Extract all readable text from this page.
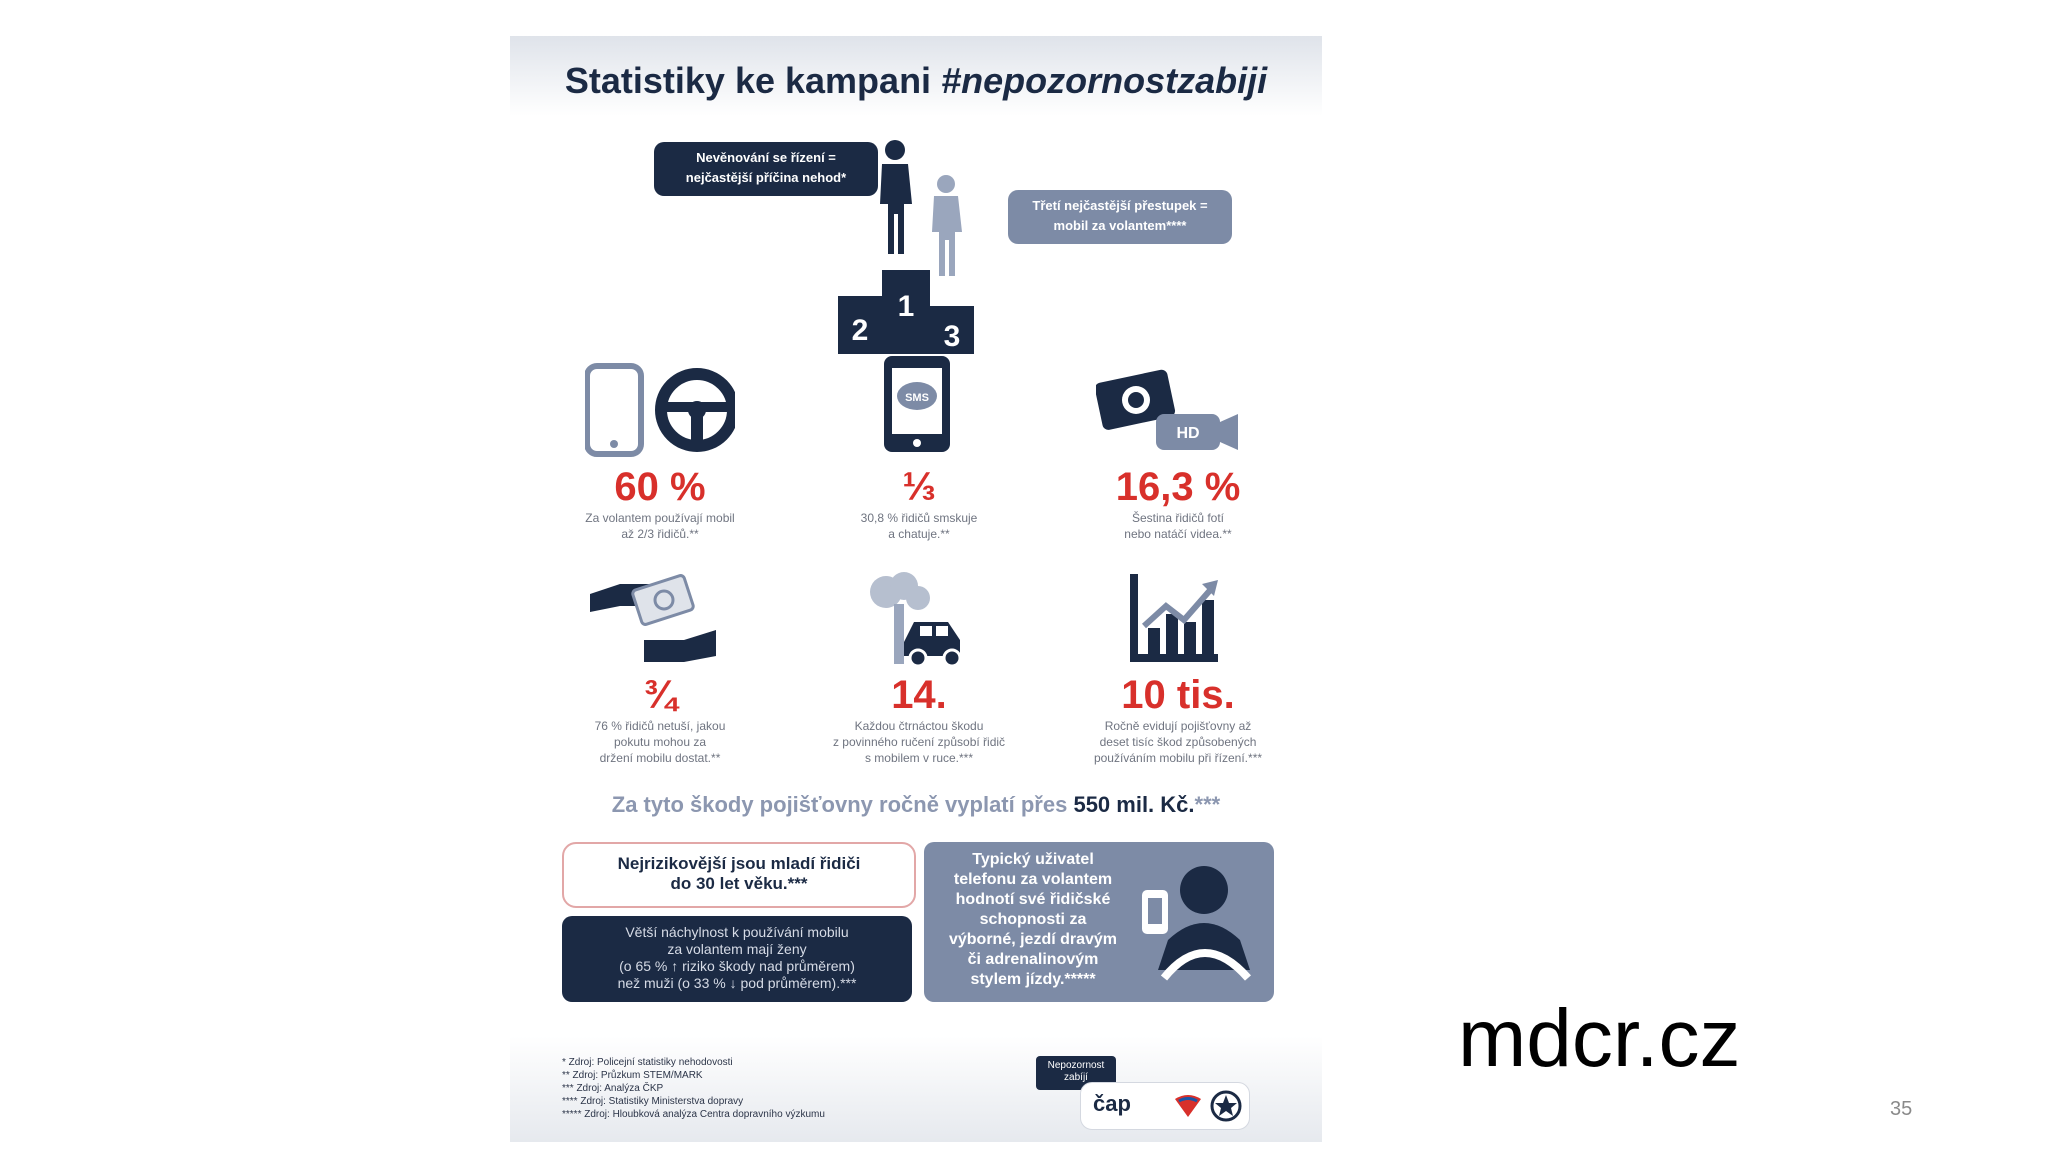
Statistiky ke kampani #nepozornostzabiji

Nevěnování se řízení =
nejčastější příčina nehod*

Třetí nejčastější přestupek =
mobil za volantem****

2
1
3
SMS
HD
60 %
Za volantem používají mobil
až 2/3 řidičů.**
⅓
30,8 % řidičů smskuje
a chatuje.**
16,3 %
Šestina řidičů fotí
nebo natáčí videa.**
¾
76 % řidičů netuší, jakou
pokutu mohou za
držení mobilu dostat.**
14.
Každou čtrnáctou škodu
z povinného ručení způsobí řidič
s mobilem v ruce.***
10 tis.
Ročně evidují pojišťovny až
deset tisíc škod způsobených
používáním mobilu při řízení.***
Za tyto škody pojišťovny ročně vyplatí přes 550 mil. Kč.***

Nejrizikovější jsou mladí řidiči
do 30 let věku.***

Větší náchylnost k používání mobilu
za volantem mají ženy
(o 65 % ↑ riziko škody nad průměrem)
než muži (o 33 % ↓ pod průměrem).***

Typický uživatel
telefonu za volantem
hodnotí své řidičské
schopnosti za
výborné, jezdí dravým
či adrenalinovým
stylem jízdy.*****

* Zdroj: Policejní statistiky nehodovosti
** Zdroj: Průzkum STEM/MARK
*** Zdroj: Analýza ČKP
**** Zdroj: Statistiky Ministerstva dopravy
***** Zdroj: Hloubková analýza Centra dopravního výzkumu
Nepozornost
zabíjí
čap
mdcr.cz
35
